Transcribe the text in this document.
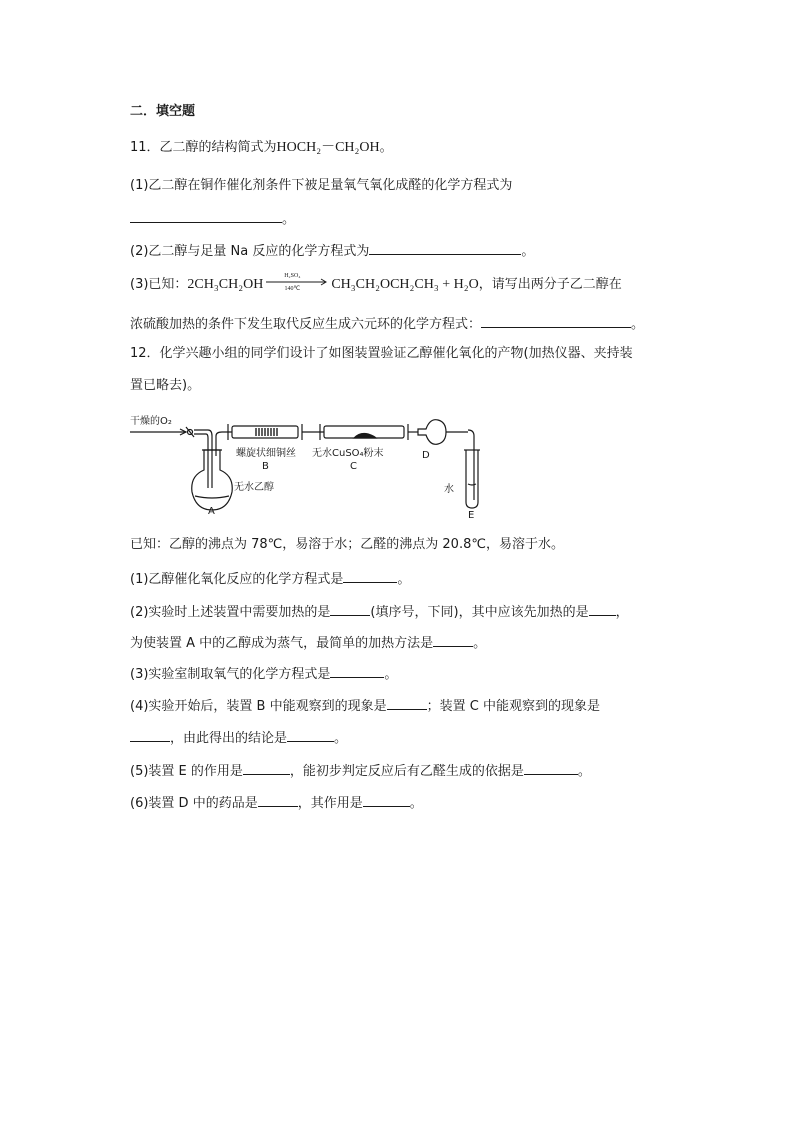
二．填空题
11．乙二醇的结构简式为HOCH₂－CH₂OH。
(1)乙二醇在铜作催化剂条件下被足量氧气氧化成醛的化学方程式为
。
(2)乙二醇与足量 Na 反应的化学方程式为	。
(3)已知：2CH₃CH₂OH
H₂SO₄
140℃	CH₃CH₂OCH₂CH₃ + H₂O，请写出两分子乙二醇在
浓硫酸加热的条件下发生取代反应生成六元环的化学方程式：	。
12．化学兴趣小组的同学们设计了如图装置验证乙醇催化氧化的产物(加热仪器、夹持装
置已略去)。
干燥的O₂
螺旋状细铜丝
B
无水CuSO₄粉末
C
D
无水乙醇
A
水
E
已知：乙醇的沸点为 78℃，易溶于水；乙醛的沸点为 20.8℃，易溶于水。
(1)乙醇催化氧化反应的化学方程式是	。
(2)实验时上述装置中需要加热的是	(填序号，下同)，其中应该先加热的是 ，
为使装置 A 中的乙醇成为蒸气，最简单的加热方法是	。
(3)实验室制取氧气的化学方程式是	。
(4)实验开始后，装置 B 中能观察到的现象是	；装置 C 中能观察到的现象是
，由此得出的结论是	。
(5)装置 E 的作用是	，能初步判定反应后有乙醛生成的依据是	。
(6)装置 D 中的药品是	，其作用是	。
